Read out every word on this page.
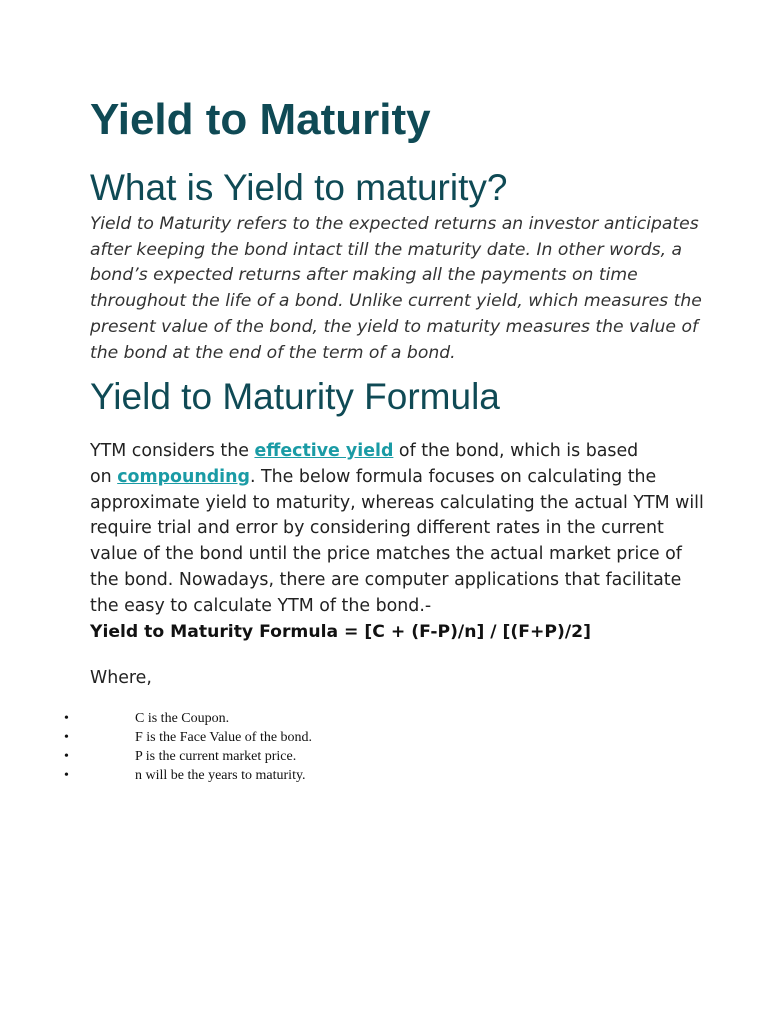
Yield to Maturity
What is Yield to maturity?

Yield to Maturity refers to the expected returns an investor anticipates
after keeping the bond intact till the maturity date. In other words, a
bond’s expected returns after making all the payments on time
throughout the life of a bond. Unlike current yield, which measures the
present value of the bond, the yield to maturity measures the value of
the bond at the end of the term of a bond.

Yield to Maturity Formula

YTM considers the effective yield of the bond, which is based
on compounding. The below formula focuses on calculating the
approximate yield to maturity, whereas calculating the actual YTM will
require trial and error by considering different rates in the current
value of the bond until the price matches the actual market price of
the bond. Nowadays, there are computer applications that facilitate
the easy to calculate YTM of the bond.-

Yield to Maturity Formula = [C + (F-P)/n] / [(F+P)/2]

Where,

•	C is the Coupon.
•	F is the Face Value of the bond.
•	P is the current market price.
•	n will be the years to maturity.
